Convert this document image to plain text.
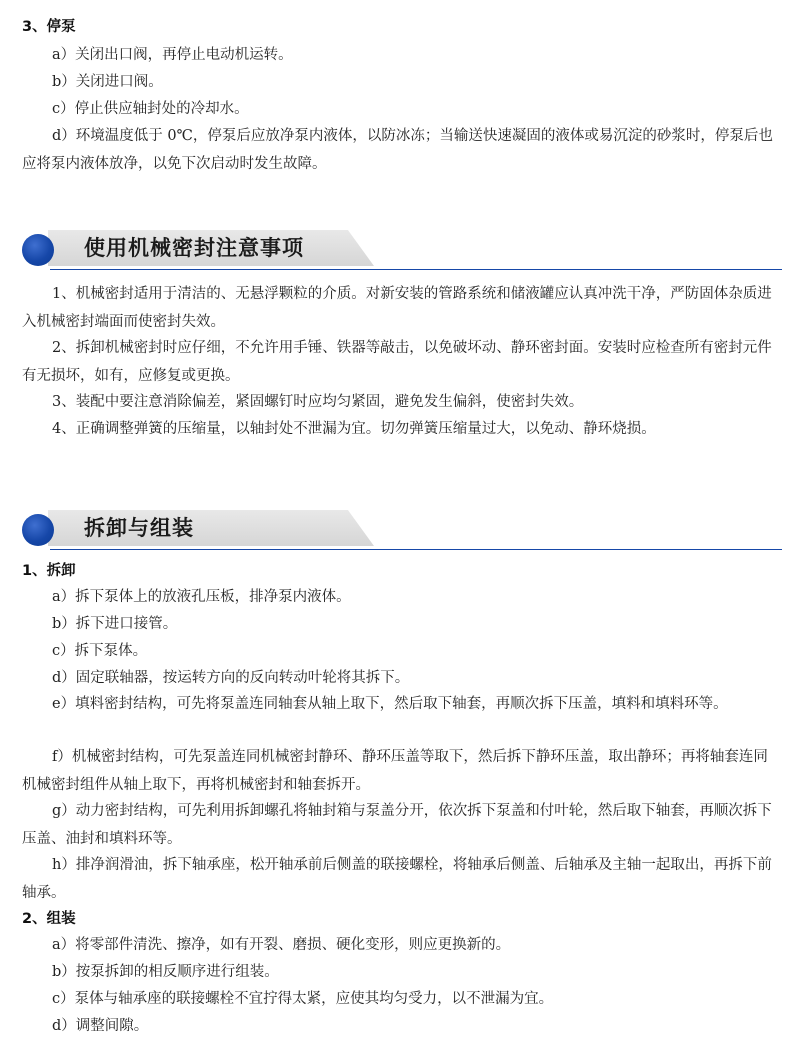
3、停泵
a）关闭出口阀，再停止电动机运转。
b）关闭进口阀。
c）停止供应轴封处的冷却水。
d）环境温度低于 0℃，停泵后应放净泵内液体，以防冰冻；当输送快速凝固的液体或易沉淀的砂浆时，停泵后也应将泵内液体放净，以免下次启动时发生故障。
使用机械密封注意事项
1、机械密封适用于清洁的、无悬浮颗粒的介质。对新安装的管路系统和储液罐应认真冲洗干净，严防固体杂质进入机械密封端面而使密封失效。
2、拆卸机械密封时应仔细，不允许用手锤、铁器等敲击，以免破坏动、静环密封面。安装时应检查所有密封元件有无损坏，如有，应修复或更换。
3、装配中要注意消除偏差，紧固螺钉时应均匀紧固，避免发生偏斜，使密封失效。
4、正确调整弹簧的压缩量，以轴封处不泄漏为宜。切勿弹簧压缩量过大，以免动、静环烧损。
拆卸与组装
1、拆卸
a）拆下泵体上的放液孔压板，排净泵内液体。
b）拆下进口接管。
c）拆下泵体。
d）固定联轴器，按运转方向的反向转动叶轮将其拆下。
e）填料密封结构，可先将泵盖连同轴套从轴上取下，然后取下轴套，再顺次拆下压盖，填料和填料环等。
f）机械密封结构，可先泵盖连同机械密封静环、静环压盖等取下，然后拆下静环压盖，取出静环；再将轴套连同机械密封组件从轴上取下，再将机械密封和轴套拆开。
g）动力密封结构，可先利用拆卸螺孔将轴封箱与泵盖分开，依次拆下泵盖和付叶轮，然后取下轴套，再顺次拆下压盖、油封和填料环等。
h）排净润滑油，拆下轴承座，松开轴承前后侧盖的联接螺栓，将轴承后侧盖、后轴承及主轴一起取出，再拆下前轴承。
2、组装
a）将零部件清洗、擦净，如有开裂、磨损、硬化变形，则应更换新的。
b）按泵拆卸的相反顺序进行组装。
c）泵体与轴承座的联接螺栓不宜拧得太紧，应使其均匀受力，以不泄漏为宜。
d）调整间隙。
